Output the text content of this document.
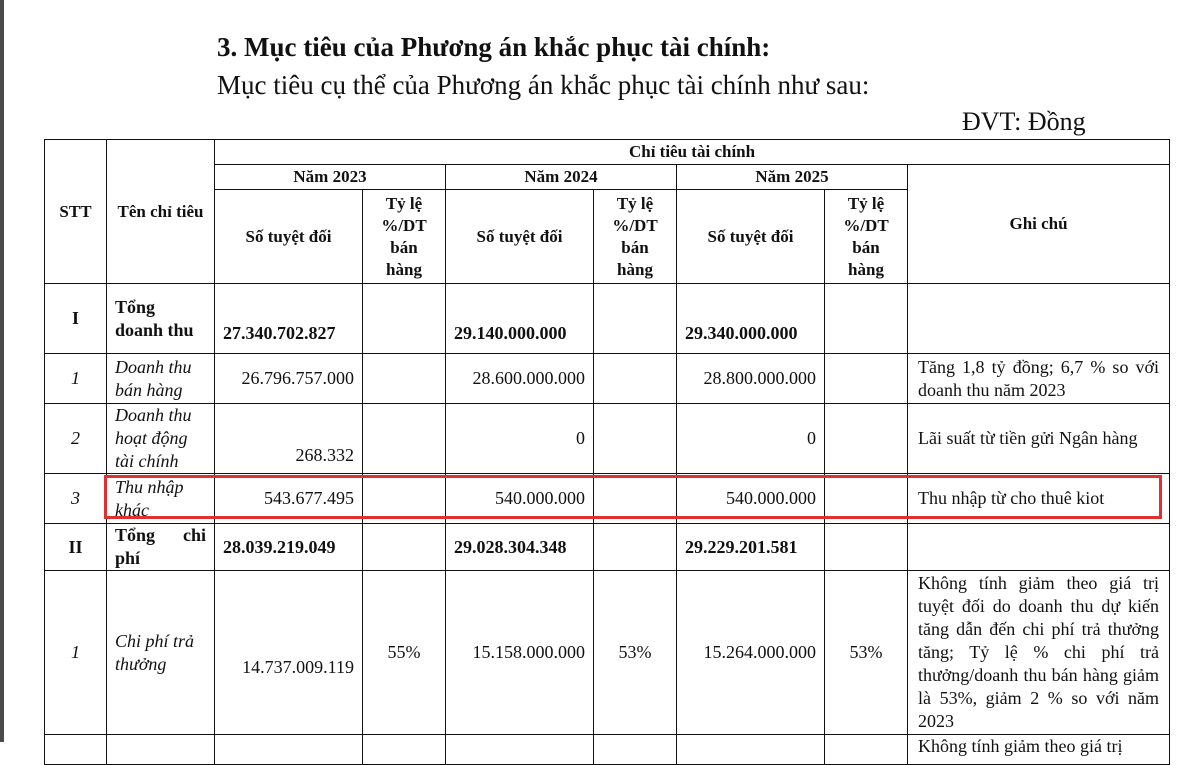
3. Mục tiêu của Phương án khắc phục tài chính:
Mục tiêu cụ thể của Phương án khắc phục tài chính như sau:
ĐVT: Đồng
STT	Tên chỉ tiêu	Chỉ tiêu tài chính						
		Năm 2023		Năm 2024		Năm 2025		Ghi chú
		Số tuyệt đối	Tỷ lệ %/DT bán hàng	Số tuyệt đối	Tỷ lệ %/DT bán hàng	Số tuyệt đối	Tỷ lệ %/DT bán hàng	
I	Tổng doanh thu	27.340.702.827		29.140.000.000		29.340.000.000		
1	Doanh thu bán hàng	26.796.757.000		28.600.000.000		28.800.000.000		Tăng 1,8 tỷ đồng; 6,7 % so với doanh thu năm 2023
2	Doanh thu hoạt động tài chính	268.332		0		0		Lãi suất từ tiền gửi Ngân hàng
3	Thu nhập khác	543.677.495		540.000.000		540.000.000		Thu nhập từ cho thuê kiot
II	Tổng chi phí	28.039.219.049		29.028.304.348		29.229.201.581		
1	Chi phí trả thưởng	14.737.009.119	55%	15.158.000.000	53%	15.264.000.000	53%	Không tính giảm theo giá trị tuyệt đối do doanh thu dự kiến tăng dẫn đến chi phí trả thưởng tăng; Tỷ lệ % chi phí trả thưởng/doanh thu bán hàng giảm là 53%, giảm 2 % so với năm 2023
								Không tính giảm theo giá trị
